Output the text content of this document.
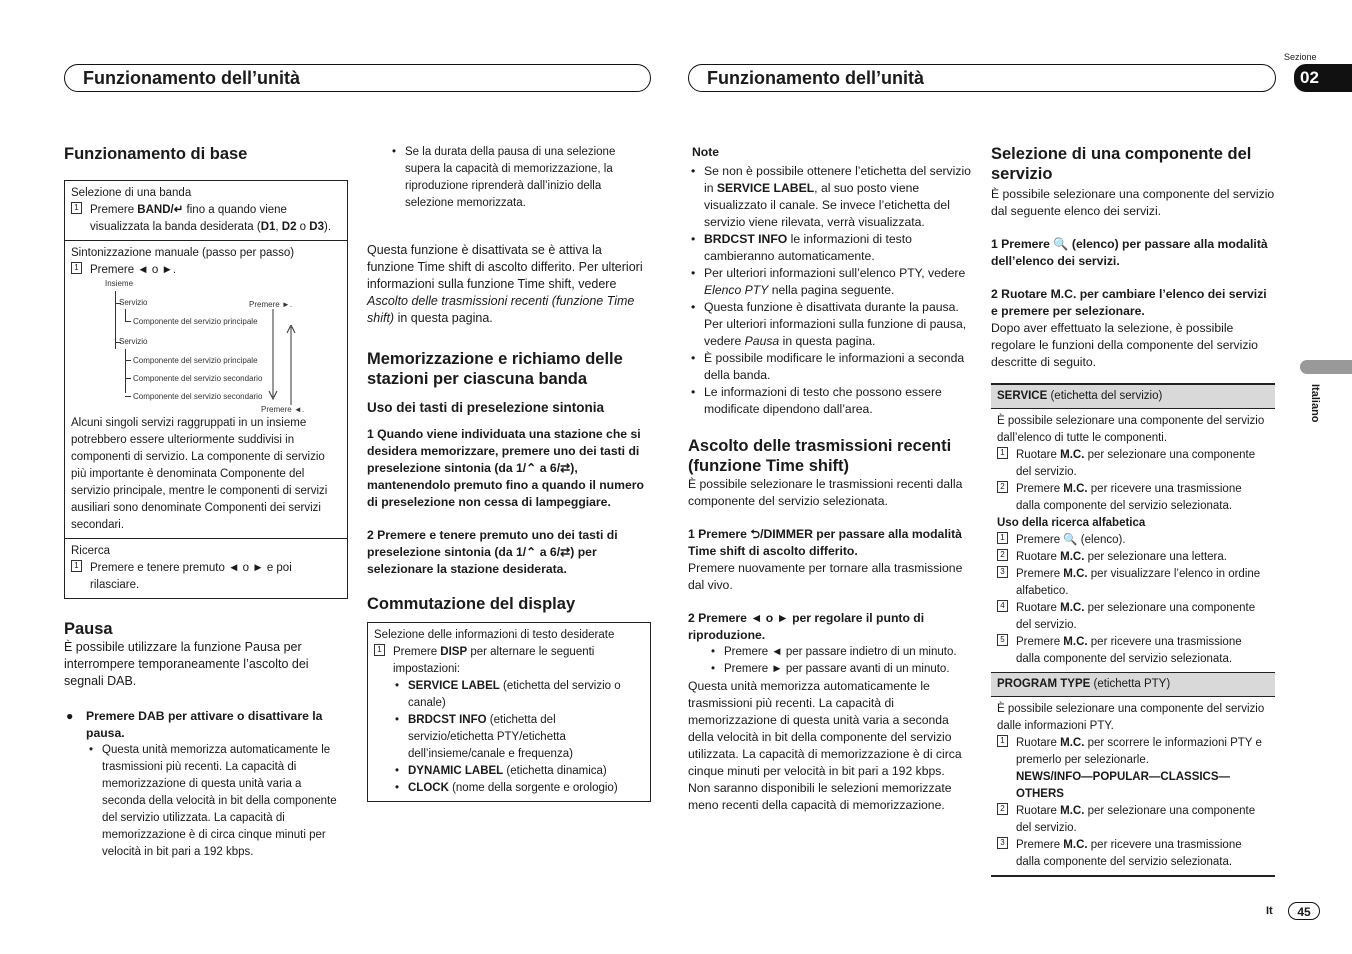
Funzionamento dell’unità	Funzionamento dell’unità
Sezione
02
Italiano
It	45

Funzionamento di base

Selezione di una banda

1 Premere BAND/↵ fino a quando viene visualizzata la banda desiderata (D1, D2 o D3).

Sintonizzazione manuale (passo per passo)

1 Premere ◄ o ►.
Insieme
Servizio
Componente del servizio principale
Servizio
Componente del servizio principale
Componente del servizio secondario
Componente del servizio secondario
Premere ►.
Premere ◄.

Alcuni singoli servizi raggruppati in un insieme potrebbero essere ulteriormente suddivisi in componenti di servizio. La componente di servizio più importante è denominata Componente del servizio principale, mentre le componenti di servizi ausiliari sono denominate Componenti dei servizi secondari.

Ricerca

1 Premere e tenere premuto ◄ o ► e poi rilasciare.

Pausa

È possibile utilizzare la funzione Pausa per interrompere temporaneamente l’ascolto dei segnali DAB.

● Premere DAB per attivare o disattivare la pausa.

• Questa unità memorizza automaticamente le trasmissioni più recenti. La capacità di memorizzazione di questa unità varia a seconda della velocità in bit della componente del servizio utilizzata. La capacità di memorizzazione è di circa cinque minuti per velocità in bit pari a 192 kbps.
• Se la durata della pausa di una selezione supera la capacità di memorizzazione, la riproduzione riprenderà dall’inizio della selezione memorizzata.

Questa funzione è disattivata se è attiva la funzione Time shift di ascolto differito. Per ulteriori informazioni sulla funzione Time shift, vedere Ascolto delle trasmissioni recenti (funzione Time shift) in questa pagina.

Memorizzazione e richiamo delle stazioni per ciascuna banda

Uso dei tasti di preselezione sintonia

1 Quando viene individuata una stazione che si desidera memorizzare, premere uno dei tasti di preselezione sintonia (da 1/⌃ a 6/⇄), mantenendolo premuto fino a quando il numero di preselezione non cessa di lampeggiare.

2 Premere e tenere premuto uno dei tasti di preselezione sintonia (da 1/⌃ a 6/⇄) per selezionare la stazione desiderata.

Commutazione del display

Selezione delle informazioni di testo desiderate

1 Premere DISP per alternare le seguenti impostazioni:
• SERVICE LABEL (etichetta del servizio o canale)
• BRDCST INFO (etichetta del servizio/etichetta PTY/etichetta dell’insieme/canale e frequenza)
• DYNAMIC LABEL (etichetta dinamica)
• CLOCK (nome della sorgente e orologio)

Note

• Se non è possibile ottenere l’etichetta del servizio in SERVICE LABEL, al suo posto viene visualizzato il canale. Se invece l’etichetta del servizio viene rilevata, verrà visualizzata.
• BRDCST INFO le informazioni di testo cambieranno automaticamente.
• Per ulteriori informazioni sull’elenco PTY, vedere Elenco PTY nella pagina seguente.
• Questa funzione è disattivata durante la pausa. Per ulteriori informazioni sulla funzione di pausa, vedere Pausa in questa pagina.
• È possibile modificare le informazioni a seconda della banda.
• Le informazioni di testo che possono essere modificate dipendono dall’area.

Ascolto delle trasmissioni recenti (funzione Time shift)

È possibile selezionare le trasmissioni recenti dalla componente del servizio selezionata.

1 Premere ⮌/DIMMER per passare alla modalità Time shift di ascolto differito.

Premere nuovamente per tornare alla trasmissione dal vivo.

2 Premere ◄ o ► per regolare il punto di riproduzione.

• Premere ◄ per passare indietro di un minuto.
• Premere ► per passare avanti di un minuto.

Questa unità memorizza automaticamente le trasmissioni più recenti. La capacità di memorizzazione di questa unità varia a seconda della velocità in bit della componente del servizio utilizzata. La capacità di memorizzazione è di circa cinque minuti per velocità in bit pari a 192 kbps.

Non saranno disponibili le selezioni memorizzate meno recenti della capacità di memorizzazione.

Selezione di una componente del servizio

È possibile selezionare una componente del servizio dal seguente elenco dei servizi.

1 Premere 🔍 (elenco) per passare alla modalità dell’elenco dei servizi.

2 Ruotare M.C. per cambiare l’elenco dei servizi e premere per selezionare.

Dopo aver effettuato la selezione, è possibile regolare le funzioni della componente del servizio descritte di seguito.

SERVICE (etichetta del servizio)

È possibile selezionare una componente del servizio dall’elenco di tutte le componenti.

1 Ruotare M.C. per selezionare una componente del servizio.
2 Premere M.C. per ricevere una trasmissione dalla componente del servizio selezionata.

Uso della ricerca alfabetica

1 Premere 🔍 (elenco).
2 Ruotare M.C. per selezionare una lettera.
3 Premere M.C. per visualizzare l’elenco in ordine alfabetico.
4 Ruotare M.C. per selezionare una componente del servizio.
5 Premere M.C. per ricevere una trasmissione dalla componente del servizio selezionata.
PROGRAM TYPE (etichetta PTY)

È possibile selezionare una componente del servizio dalle informazioni PTY.

1 Ruotare M.C. per scorrere le informazioni PTY e premerlo per selezionarle.
NEWS/INFO—POPULAR—CLASSICS—OTHERS
2 Ruotare M.C. per selezionare una componente del servizio.
3 Premere M.C. per ricevere una trasmissione dalla componente del servizio selezionata.
